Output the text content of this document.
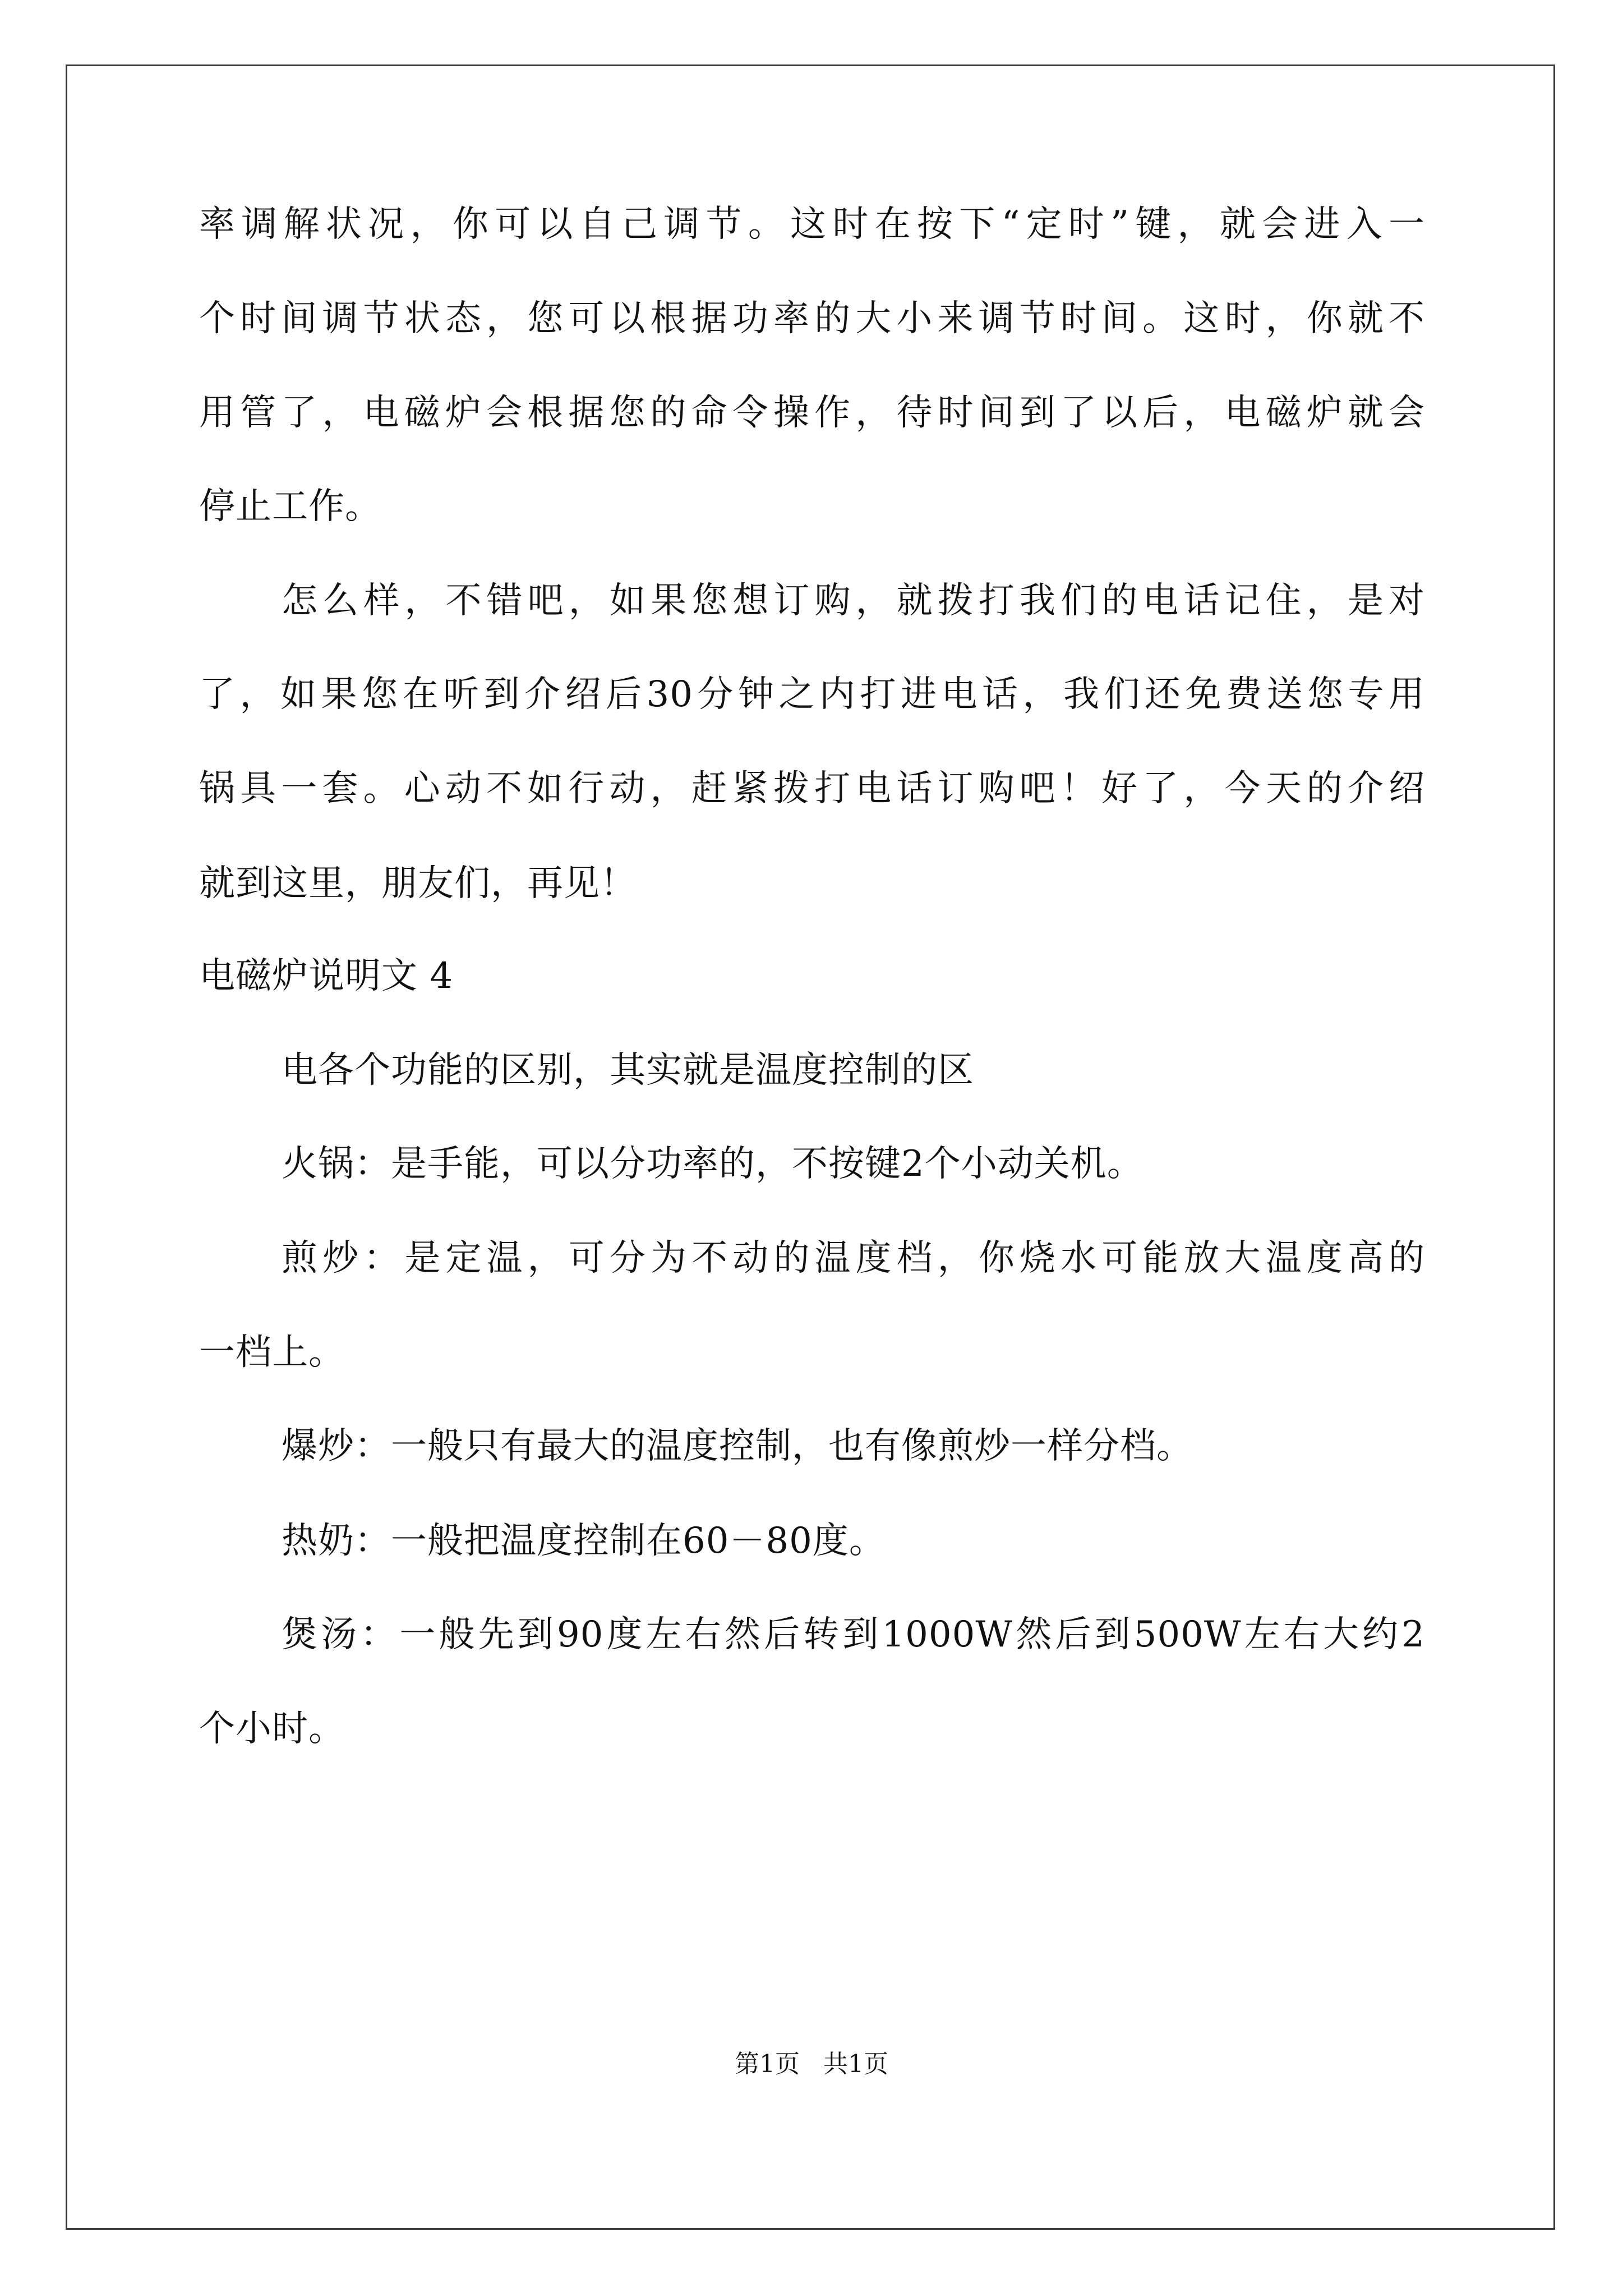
率调解状况，你可以自己调节。这时在按下“定时”键，就会进入一
个时间调节状态，您可以根据功率的大小来调节时间。这时，你就不
用管了，电磁炉会根据您的命令操作，待时间到了以后，电磁炉就会
停止工作。
怎么样，不错吧，如果您想订购，就拨打我们的电话记住，是对
了，如果您在听到介绍后30分钟之内打进电话，我们还免费送您专用
锅具一套。心动不如行动，赶紧拨打电话订购吧！好了，今天的介绍
就到这里，朋友们，再见！
电磁炉说明文 4
电各个功能的区别，其实就是温度控制的区
火锅：是手能，可以分功率的，不按键2个小动关机。
煎炒：是定温，可分为不动的温度档，你烧水可能放大温度高的
一档上。
爆炒：一般只有最大的温度控制，也有像煎炒一样分档。
热奶：一般把温度控制在60－80度。
煲汤：一般先到90度左右然后转到1000W然后到500W左右大约2
个小时。
第1页   共1页
